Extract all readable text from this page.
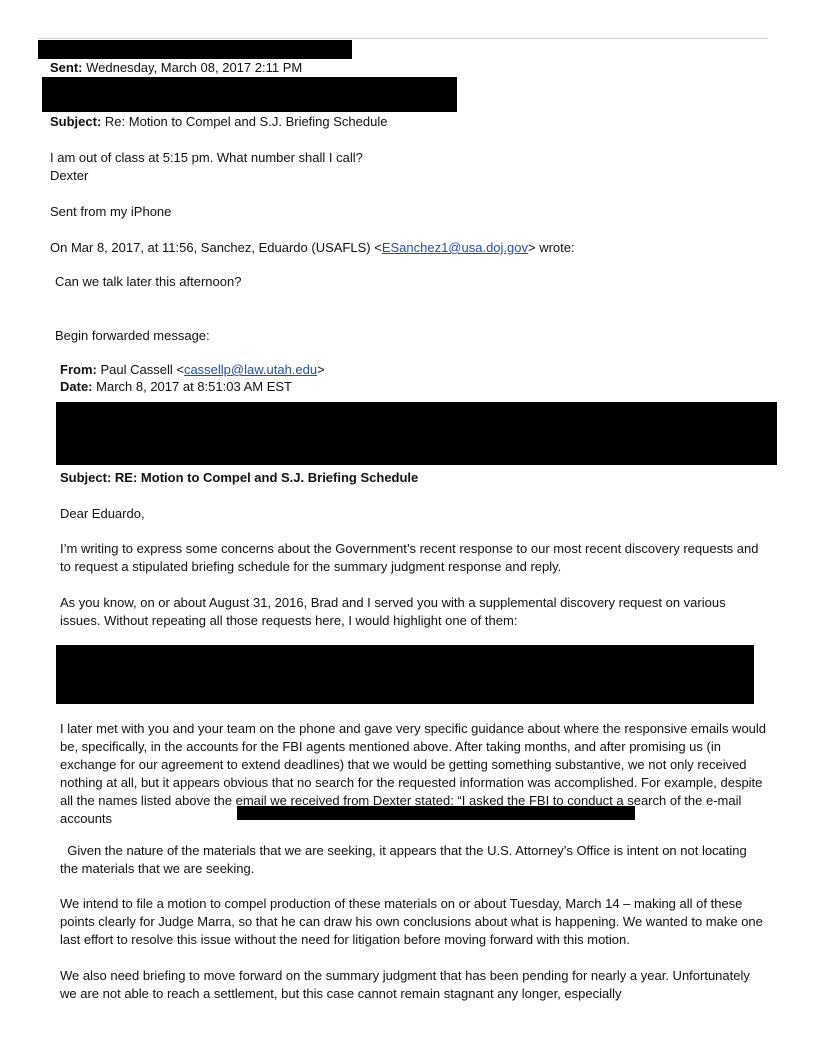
Sent: Wednesday, March 08, 2017 2:11 PM
Subject: Re: Motion to Compel and S.J. Briefing Schedule
I am out of class at 5:15 pm. What number shall I call?
Dexter
Sent from my iPhone
On Mar 8, 2017, at 11:56, Sanchez, Eduardo (USAFLS) <ESanchez1@usa.doj.gov> wrote:
Can we talk later this afternoon?
Begin forwarded message:
From: Paul Cassell <cassellp@law.utah.edu>
Date: March 8, 2017 at 8:51:03 AM EST
Subject: RE: Motion to Compel and S.J. Briefing Schedule
Dear Eduardo,
I’m writing to express some concerns about the Government’s recent response to our most recent discovery requests and to request a stipulated briefing schedule for the summary judgment response and reply.
As you know, on or about August 31, 2016, Brad and I served you with a supplemental discovery request on various issues. Without repeating all those requests here, I would highlight one of them:
I later met with you and your team on the phone and gave very specific guidance about where the responsive emails would be, specifically, in the accounts for the FBI agents mentioned above. After taking months, and after promising us (in exchange for our agreement to extend deadlines) that we would be getting something substantive, we not only received nothing at all, but it appears obvious that no search for the requested information was accomplished. For example, despite all the names listed above the email we received from Dexter stated: “I asked the FBI to conduct a search of the e-mail accounts
Given the nature of the materials that we are seeking, it appears that the U.S. Attorney’s Office is intent on not locating the materials that we are seeking.
We intend to file a motion to compel production of these materials on or about Tuesday, March 14 – making all of these points clearly for Judge Marra, so that he can draw his own conclusions about what is happening. We wanted to make one last effort to resolve this issue without the need for litigation before moving forward with this motion.
We also need briefing to move forward on the summary judgment that has been pending for nearly a year. Unfortunately we are not able to reach a settlement, but this case cannot remain stagnant any longer, especially
